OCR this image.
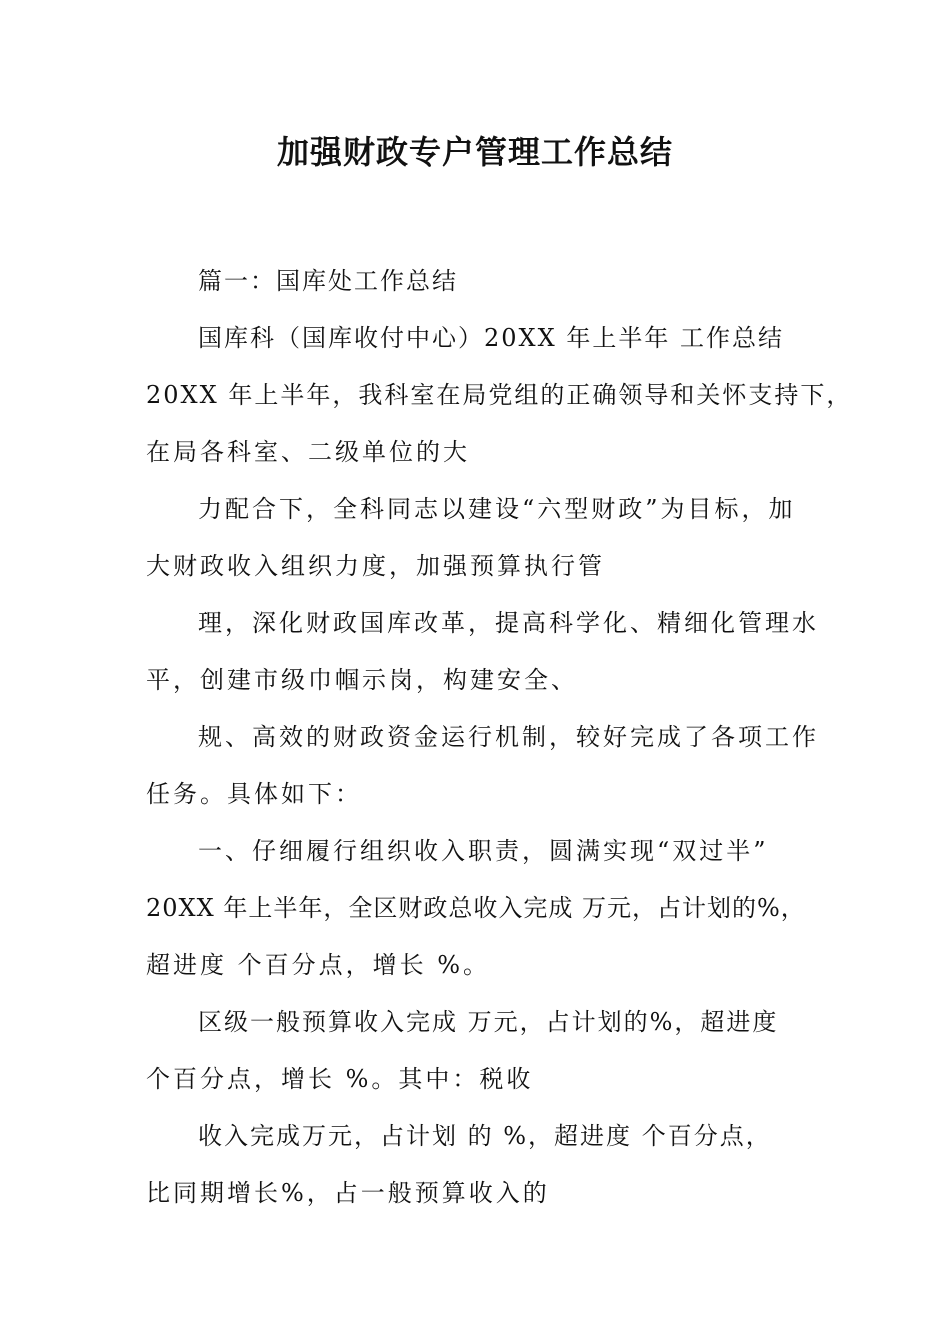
加强财政专户管理工作总结
篇一：国库处工作总结
国库科（国库收付中心）20XX 年上半年 工作总结
20XX 年上半年，我科室在局党组的正确领导和关怀支持下，
在局各科室、二级单位的大
力配合下，全科同志以建设“六型财政”为目标，加
大财政收入组织力度，加强预算执行管
理，深化财政国库改革，提高科学化、精细化管理水
平，创建市级巾帼示岗，构建安全、
规、高效的财政资金运行机制，较好完成了各项工作
任务。具体如下：
一、仔细履行组织收入职责，圆满实现“双过半”
20XX 年上半年，全区财政总收入完成 万元，占计划的%，
超进度 个百分点，增长 %。
区级一般预算收入完成 万元，占计划的%，超进度
个百分点，增长 %。其中：税收
收入完成万元，占计划 的 %，超进度 个百分点，
比同期增长%，占一般预算收入的
